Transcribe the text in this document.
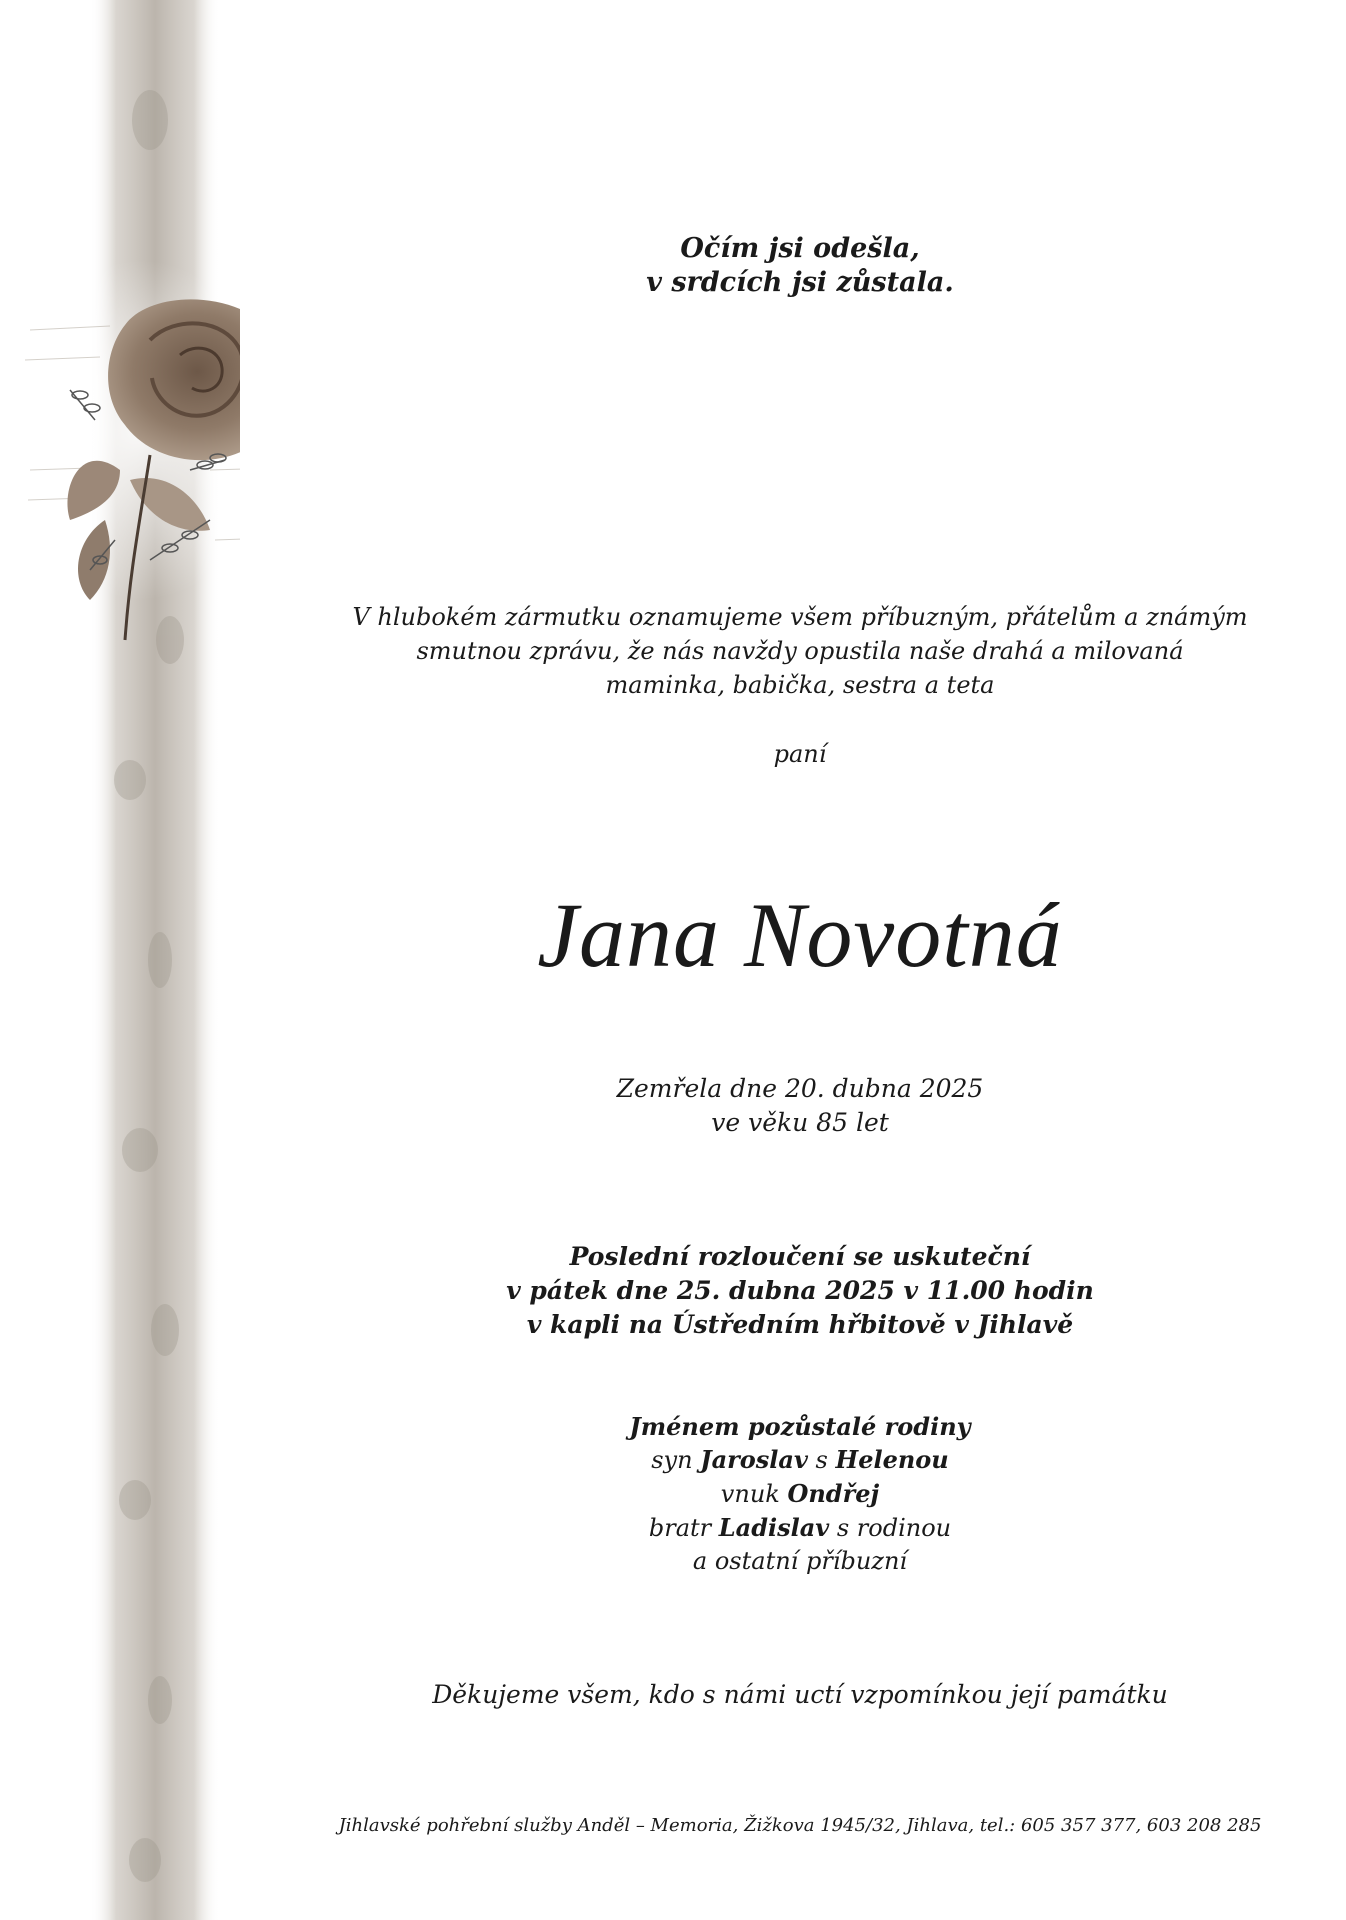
Očím jsi odešla,
v srdcích jsi zůstala.
V hlubokém zármutku oznamujeme všem příbuzným, přátelům a známým
smutnou zprávu, že nás navždy opustila naše drahá a milovaná
maminka, babička, sestra a teta
paní
Jana Novotná
Zemřela dne 20. dubna 2025
ve věku 85 let
Poslední rozloučení se uskuteční
v pátek dne 25. dubna 2025 v 11.00 hodin
v kapli na Ústředním hřbitově v Jihlavě
Jménem pozůstalé rodiny
syn Jaroslav s Helenou
vnuk Ondřej
bratr Ladislav s rodinou
a ostatní příbuzní
Děkujeme všem, kdo s námi uctí vzpomínkou její památku
Jihlavské pohřební služby Anděl – Memoria, Žižkova 1945/32, Jihlava, tel.: 605 357 377, 603 208 285
